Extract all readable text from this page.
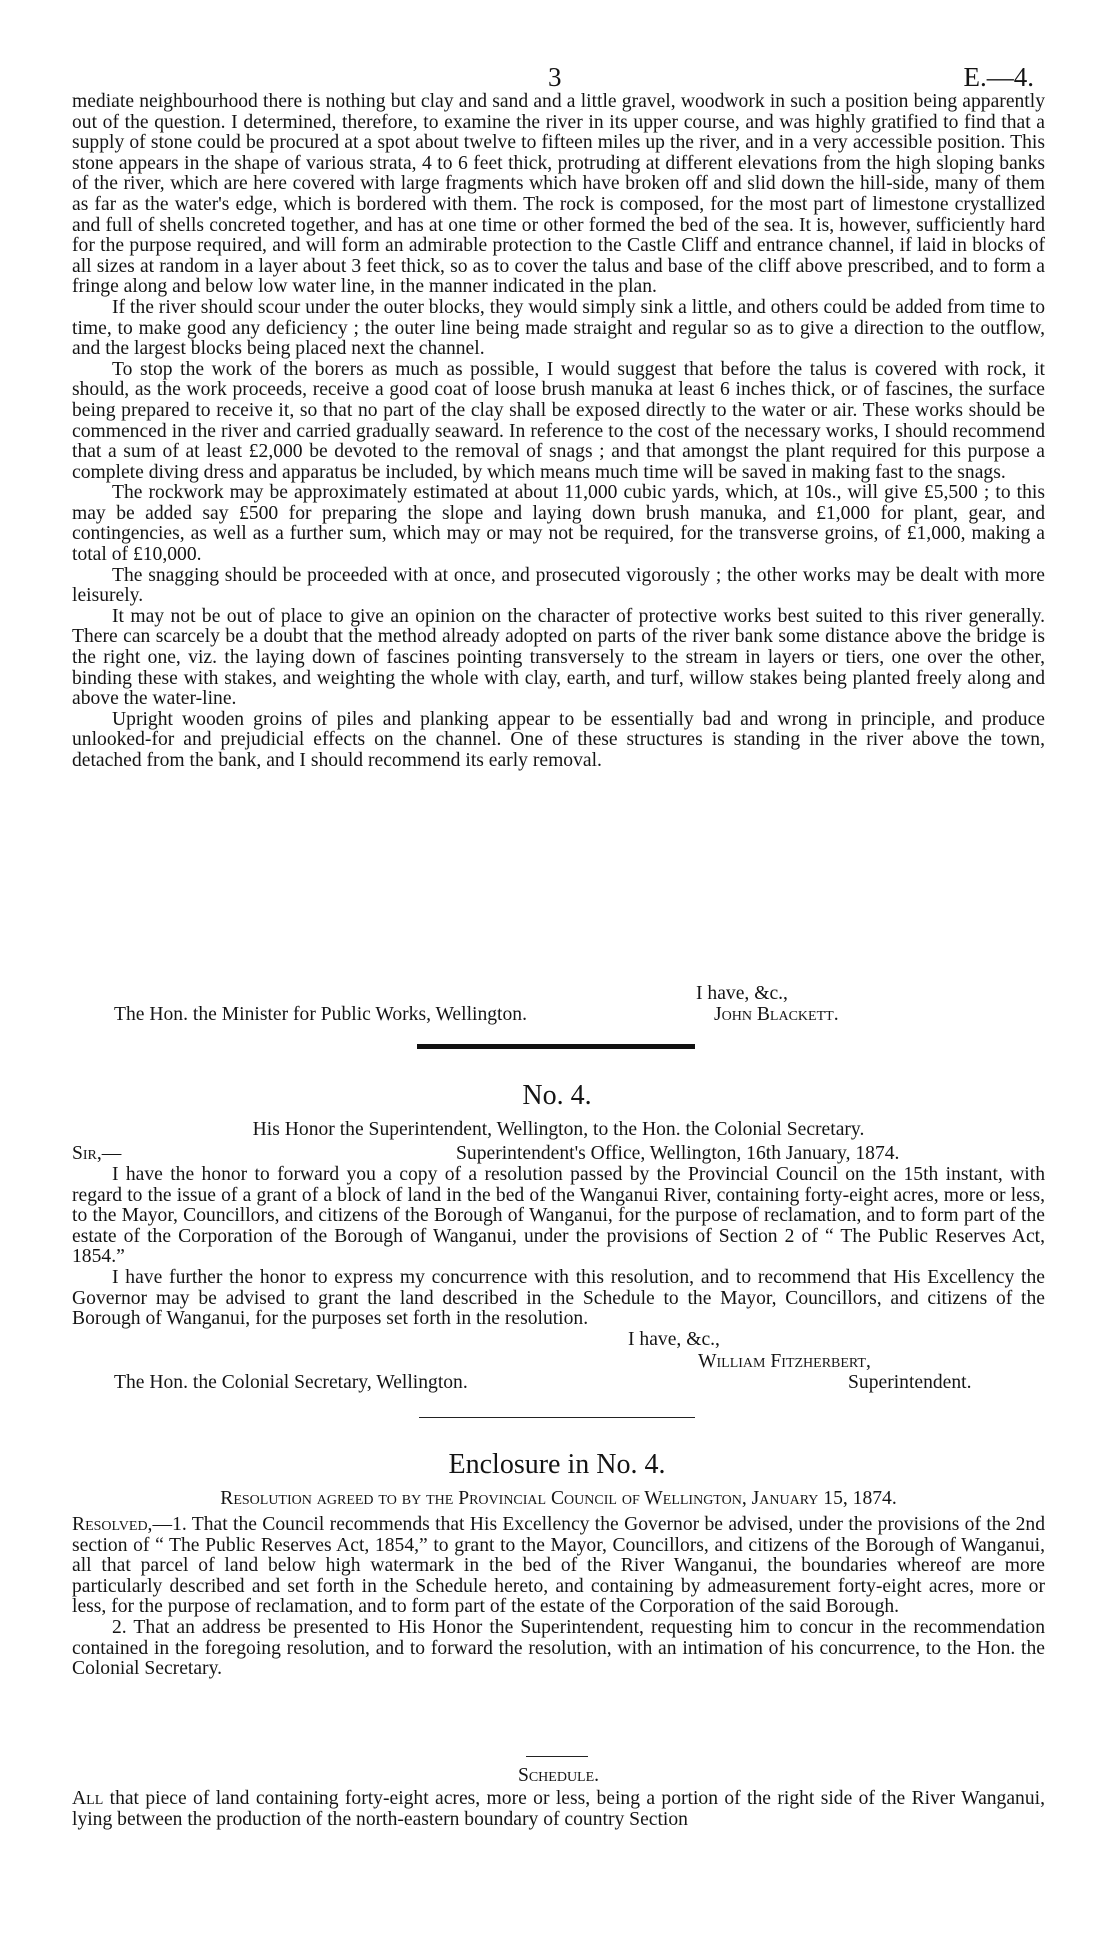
3	E.—4.

mediate neighbourhood there is nothing but clay and sand and a little gravel, woodwork in such a position being apparently out of the question. I determined, therefore, to examine the river in its upper course, and was highly gratified to find that a supply of stone could be procured at a spot about twelve to fifteen miles up the river, and in a very accessible position. This stone appears in the shape of various strata, 4 to 6 feet thick, protruding at different elevations from the high sloping banks of the river, which are here covered with large fragments which have broken off and slid down the hill-side, many of them as far as the water's edge, which is bordered with them. The rock is composed, for the most part of limestone crystallized and full of shells concreted together, and has at one time or other formed the bed of the sea. It is, however, sufficiently hard for the purpose required, and will form an admirable protection to the Castle Cliff and entrance channel, if laid in blocks of all sizes at random in a layer about 3 feet thick, so as to cover the talus and base of the cliff above prescribed, and to form a fringe along and below low water line, in the manner indicated in the plan.

If the river should scour under the outer blocks, they would simply sink a little, and others could be added from time to time, to make good any deficiency ; the outer line being made straight and regular so as to give a direction to the outflow, and the largest blocks being placed next the channel.

To stop the work of the borers as much as possible, I would suggest that before the talus is covered with rock, it should, as the work proceeds, receive a good coat of loose brush manuka at least 6 inches thick, or of fascines, the surface being prepared to receive it, so that no part of the clay shall be exposed directly to the water or air. These works should be commenced in the river and carried gradually seaward. In reference to the cost of the necessary works, I should recommend that a sum of at least £2,000 be devoted to the removal of snags ; and that amongst the plant required for this purpose a complete diving dress and apparatus be included, by which means much time will be saved in making fast to the snags.

The rockwork may be approximately estimated at about 11,000 cubic yards, which, at 10s., will give £5,500 ; to this may be added say £500 for preparing the slope and laying down brush manuka, and £1,000 for plant, gear, and contingencies, as well as a further sum, which may or may not be required, for the transverse groins, of £1,000, making a total of £10,000.

The snagging should be proceeded with at once, and prosecuted vigorously ; the other works may be dealt with more leisurely.

It may not be out of place to give an opinion on the character of protective works best suited to this river generally. There can scarcely be a doubt that the method already adopted on parts of the river bank some distance above the bridge is the right one, viz. the laying down of fascines pointing transversely to the stream in layers or tiers, one over the other, binding these with stakes, and weighting the whole with clay, earth, and turf, willow stakes being planted freely along and above the water-line.

Upright wooden groins of piles and planking appear to be essentially bad and wrong in principle, and produce unlooked-for and prejudicial effects on the channel. One of these structures is standing in the river above the town, detached from the bank, and I should recommend its early removal.

I have, &c.,
The Hon. the Minister for Public Works, Wellington.	John Blackett.
No. 4.
His Honor the Superintendent, Wellington, to the Hon. the Colonial Secretary.
Sir,—	Superintendent's Office, Wellington, 16th January, 1874.

I have the honor to forward you a copy of a resolution passed by the Provincial Council on the 15th instant, with regard to the issue of a grant of a block of land in the bed of the Wanganui River, containing forty-eight acres, more or less, to the Mayor, Councillors, and citizens of the Borough of Wanganui, for the purpose of reclamation, and to form part of the estate of the Corporation of the Borough of Wanganui, under the provisions of Section 2 of “ The Public Reserves Act, 1854.”

I have further the honor to express my concurrence with this resolution, and to recommend that His Excellency the Governor may be advised to grant the land described in the Schedule to the Mayor, Councillors, and citizens of the Borough of Wanganui, for the purposes set forth in the resolution.

I have, &c.,
William Fitzherbert,
The Hon. the Colonial Secretary, Wellington.	Superintendent.
Enclosure in No. 4.
Resolution agreed to by the Provincial Council of Wellington, January 15, 1874.

Resolved,—1. That the Council recommends that His Excellency the Governor be advised, under the provisions of the 2nd section of “ The Public Reserves Act, 1854,” to grant to the Mayor, Councillors, and citizens of the Borough of Wanganui, all that parcel of land below high watermark in the bed of the River Wanganui, the boundaries whereof are more particularly described and set forth in the Schedule hereto, and containing by admeasurement forty-eight acres, more or less, for the purpose of reclamation, and to form part of the estate of the Corporation of the said Borough.

2. That an address be presented to His Honor the Superintendent, requesting him to concur in the recommendation contained in the foregoing resolution, and to forward the resolution, with an intimation of his concurrence, to the Hon. the Colonial Secretary.

Schedule.

All that piece of land containing forty-eight acres, more or less, being a portion of the right side of the River Wanganui, lying between the production of the north-eastern boundary of country Section
